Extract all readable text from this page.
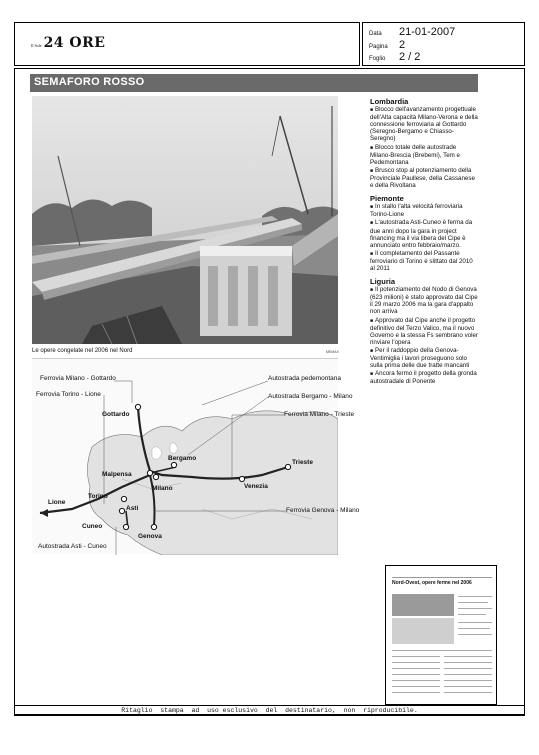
Il Sole 24 ORE
Data	21-01-2007
Pagina	2
Foglio	2 / 2
SEMAFORO ROSSO
Le opere congelate nel 2006 nel Nord	MEMAX
Ferrovia Milano - Gottardo
Ferrovia Torino - Lione
Autostrada pedemontana
Autostrada Bergamo - Milano
Ferrovia Milano - Trieste
Ferrovia Genova - Milano
Autostrada Asti - Cuneo
Gottardo
Bergamo
Malpensa
Milano
Trieste
Venezia
Torino
Lione
Asti
Cuneo
Genova
Lombardia

■ Blocco dell'avanzamento progettuale dell'Alta capacità Milano-Verona e della connessione ferroviaria al Gottardo (Seregno-Bergamo e Chiasso-Seregno)

■ Blocco totale delle autostrade Milano-Brescia (Brebemi), Tem e Pedemontana

■ Brusco stop al potenziamento della Provinciale Paullese, della Cassanese e della Rivoltana

Piemonte

■ In stallo l'alta velocità ferroviaria Torino-Lione

■ L'autostrada Asti-Cuneo è ferma da due anni dopo la gara in project financing ma il via libera del Cipe è annunciato entro febbraio/marzo.

■ Il completamento del Passante ferroviario di Torino è slittato dal 2010 al 2011

Liguria

■ Il potenziamento del Nodo di Genova (623 milioni) è stato approvato dal Cipe il 29 marzo 2006 ma la gara d'appalto non arriva

■ Approvato dal Cipe anche il progetto definitivo del Terzo Valico, ma il nuovo Governo e la stessa Fs sembrano voler rinviare l'opera

■ Per il raddoppio della Genova-Ventimiglia i lavori proseguono solo sulla prima delle due tratte mancanti

■ Ancora fermo il progetto della gronda autostradale di Ponente

Nord-Ovest, opere ferme nel 2006
Ritaglio  stampa  ad  uso esclusivo  del  destinatario,  non  riproducibile.
